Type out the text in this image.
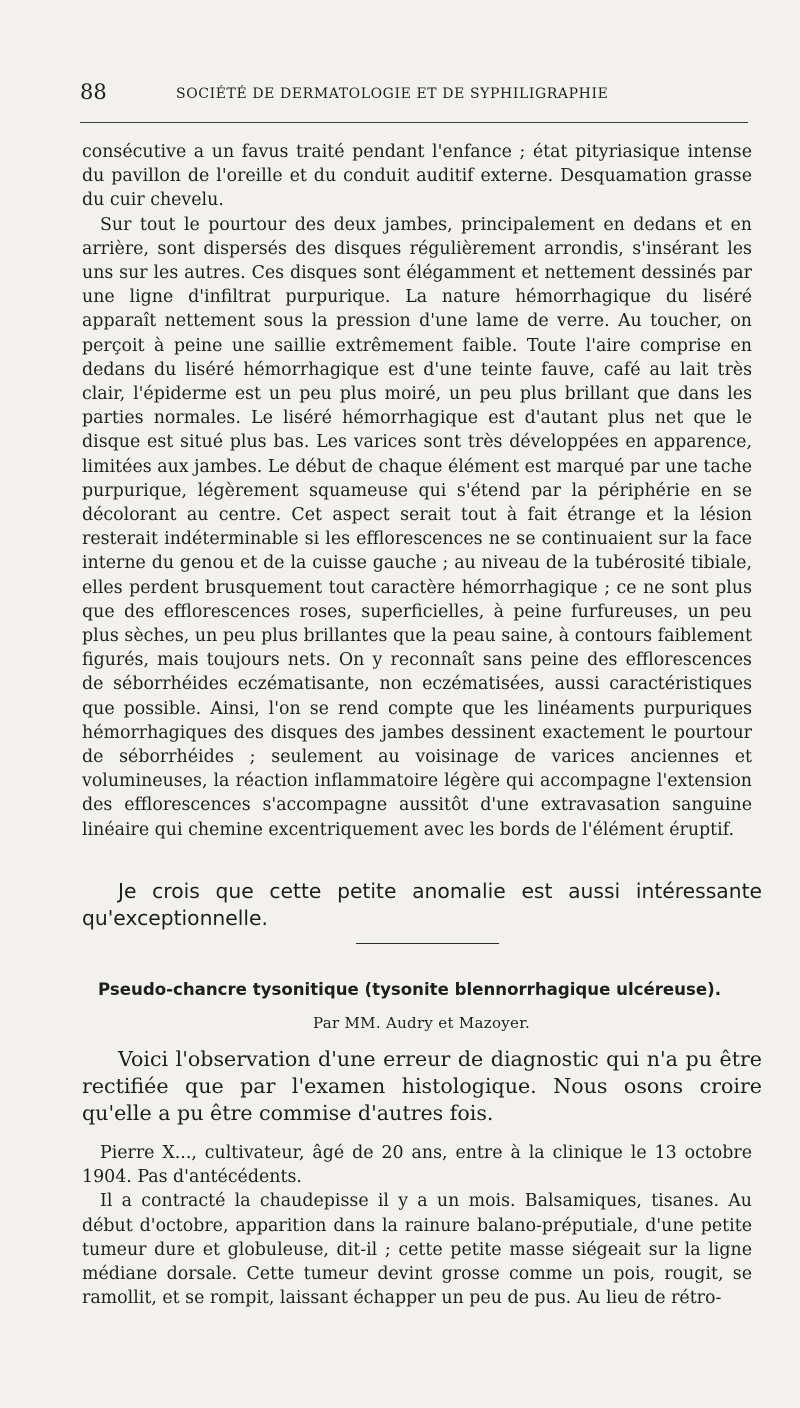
88	SOCIÉTÉ DE DERMATOLOGIE ET DE SYPHILIGRAPHIE

consécutive a un favus traité pendant l'enfance ; état pityriasique intense du pavillon de l'oreille et du conduit auditif externe. Desquamation grasse du cuir chevelu.

Sur tout le pourtour des deux jambes, principalement en dedans et en arrière, sont dispersés des disques régulièrement arrondis, s'insérant les uns sur les autres. Ces disques sont élégamment et nettement dessinés par une ligne d'infiltrat purpurique. La nature hémorrhagique du liséré apparaît nettement sous la pression d'une lame de verre. Au toucher, on perçoit à peine une saillie extrêmement faible. Toute l'aire comprise en dedans du liséré hémorrhagique est d'une teinte fauve, café au lait très clair, l'épiderme est un peu plus moiré, un peu plus brillant que dans les parties normales. Le liséré hémorrhagique est d'autant plus net que le disque est situé plus bas. Les varices sont très développées en apparence, limitées aux jambes. Le début de chaque élément est marqué par une tache purpurique, légèrement squameuse qui s'étend par la périphérie en se décolorant au centre. Cet aspect serait tout à fait étrange et la lésion resterait indéterminable si les efflorescences ne se continuaient sur la face interne du genou et de la cuisse gauche ; au niveau de la tubérosité tibiale, elles perdent brusquement tout caractère hémorrhagique ; ce ne sont plus que des efflorescences roses, superficielles, à peine furfureuses, un peu plus sèches, un peu plus brillantes que la peau saine, à contours faiblement figurés, mais toujours nets. On y reconnaît sans peine des efflorescences de séborrhéides eczématisante, non eczématisées, aussi caractéristiques que possible. Ainsi, l'on se rend compte que les linéaments purpuriques hémorrhagiques des disques des jambes dessinent exactement le pourtour de séborrhéides ; seulement au voisinage de varices anciennes et volumineuses, la réaction inflammatoire légère qui accompagne l'extension des efflorescences s'accompagne aussitôt d'une extravasation sanguine linéaire qui chemine excentriquement avec les bords de l'élément éruptif.

Je crois que cette petite anomalie est aussi intéressante qu'exceptionnelle.

Pseudo-chancre tysonitique (tysonite blennorrhagique ulcéreuse).
Par MM. Audry et Mazoyer.

Voici l'observation d'une erreur de diagnostic qui n'a pu être rectifiée que par l'examen histologique. Nous osons croire qu'elle a pu être commise d'autres fois.

Pierre X..., cultivateur, âgé de 20 ans, entre à la clinique le 13 octobre 1904. Pas d'antécédents.

Il a contracté la chaudepisse il y a un mois. Balsamiques, tisanes. Au début d'octobre, apparition dans la rainure balano-préputiale, d'une petite tumeur dure et globuleuse, dit-il ; cette petite masse siégeait sur la ligne médiane dorsale. Cette tumeur devint grosse comme un pois, rougit, se ramollit, et se rompit, laissant échapper un peu de pus. Au lieu de rétro-
